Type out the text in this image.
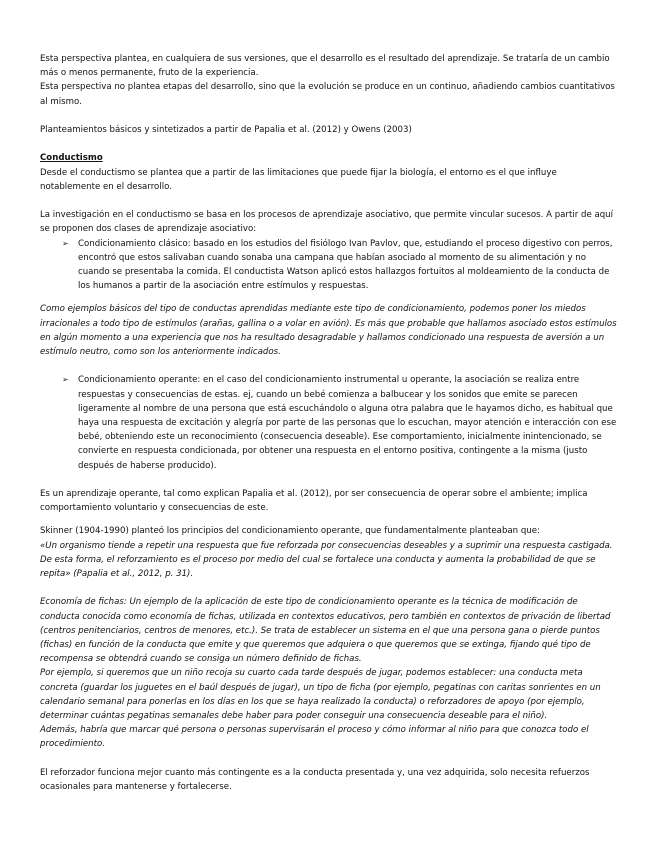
Esta perspectiva plantea, en cualquiera de sus versiones, que el desarrollo es el resultado del aprendizaje. Se trataría de un cambio más o menos permanente, fruto de la experiencia.

Esta perspectiva no plantea etapas del desarrollo, sino que la evolución se produce en un continuo, añadiendo cambios cuantitativos al mismo.

Planteamientos básicos y sintetizados a partir de Papalia et al. (2012) y Owens (2003)

Conductismo

Desde el conductismo se plantea que a partir de las limitaciones que puede fijar la biología, el entorno es el que influye notablemente en el desarrollo.

La investigación en el conductismo se basa en los procesos de aprendizaje asociativo, que permite vincular sucesos. A partir de aquí se proponen dos clases de aprendizaje asociativo:

➢ Condicionamiento clásico: basado en los estudios del fisiólogo Ivan Pavlov, que, estudiando el proceso digestivo con perros, encontró que estos salivaban cuando sonaba una campana que habían asociado al momento de su alimentación y no cuando se presentaba la comida. El conductista Watson aplicó estos hallazgos fortuitos al moldeamiento de la conducta de los humanos a partir de la asociación entre estímulos y respuestas.

Como ejemplos básicos del tipo de conductas aprendidas mediante este tipo de condicionamiento, podemos poner los miedos irracionales a todo tipo de estímulos (arañas, gallina o a volar en avión). Es más que probable que hallamos asociado estos estímulos en algún momento a una experiencia que nos ha resultado desagradable y hallamos condicionado una respuesta de aversión a un estímulo neutro, como son los anteriormente indicados.

➢ Condicionamiento operante: en el caso del condicionamiento instrumental u operante, la asociación se realiza entre respuestas y consecuencias de estas. ej, cuando un bebé comienza a balbucear y los sonidos que emite se parecen ligeramente al nombre de una persona que está escuchándolo o alguna otra palabra que le hayamos dicho, es habitual que haya una respuesta de excitación y alegría por parte de las personas que lo escuchan, mayor atención e interacción con ese bebé, obteniendo este un reconocimiento (consecuencia deseable). Ese comportamiento, inicialmente inintencionado, se convierte en respuesta condicionada, por obtener una respuesta en el entorno positiva, contingente a la misma (justo después de haberse producido).

Es un aprendizaje operante, tal como explican Papalia et al. (2012), por ser consecuencia de operar sobre el ambiente; implica comportamiento voluntario y consecuencias de este.

Skinner (1904-1990) planteó los principios del condicionamiento operante, que fundamentalmente planteaban que:

«Un organismo tiende a repetir una respuesta que fue reforzada por consecuencias deseables y a suprimir una respuesta castigada. De esta forma, el reforzamiento es el proceso por medio del cual se fortalece una conducta y aumenta la probabilidad de que se repita» (Papalia et al., 2012, p. 31).

Economía de fichas: Un ejemplo de la aplicación de este tipo de condicionamiento operante es la técnica de modificación de conducta conocida como economía de fichas, utilizada en contextos educativos, pero también en contextos de privación de libertad (centros penitenciarios, centros de menores, etc.). Se trata de establecer un sistema en el que una persona gana o pierde puntos (fichas) en función de la conducta que emite y que queremos que adquiera o que queremos que se extinga, fijando qué tipo de recompensa se obtendrá cuando se consiga un número definido de fichas.

Por ejemplo, si queremos que un niño recoja su cuarto cada tarde después de jugar, podemos establecer: una conducta meta concreta (guardar los juguetes en el baúl después de jugar), un tipo de ficha (por ejemplo, pegatinas con caritas sonrientes en un calendario semanal para ponerlas en los días en los que se haya realizado la conducta) o reforzadores de apoyo (por ejemplo, determinar cuántas pegatinas semanales debe haber para poder conseguir una consecuencia deseable para el niño).

Además, habría que marcar qué persona o personas supervisarán el proceso y cómo informar al niño para que conozca todo el procedimiento.

El reforzador funciona mejor cuanto más contingente es a la conducta presentada y, una vez adquirida, solo necesita refuerzos ocasionales para mantenerse y fortalecerse.
